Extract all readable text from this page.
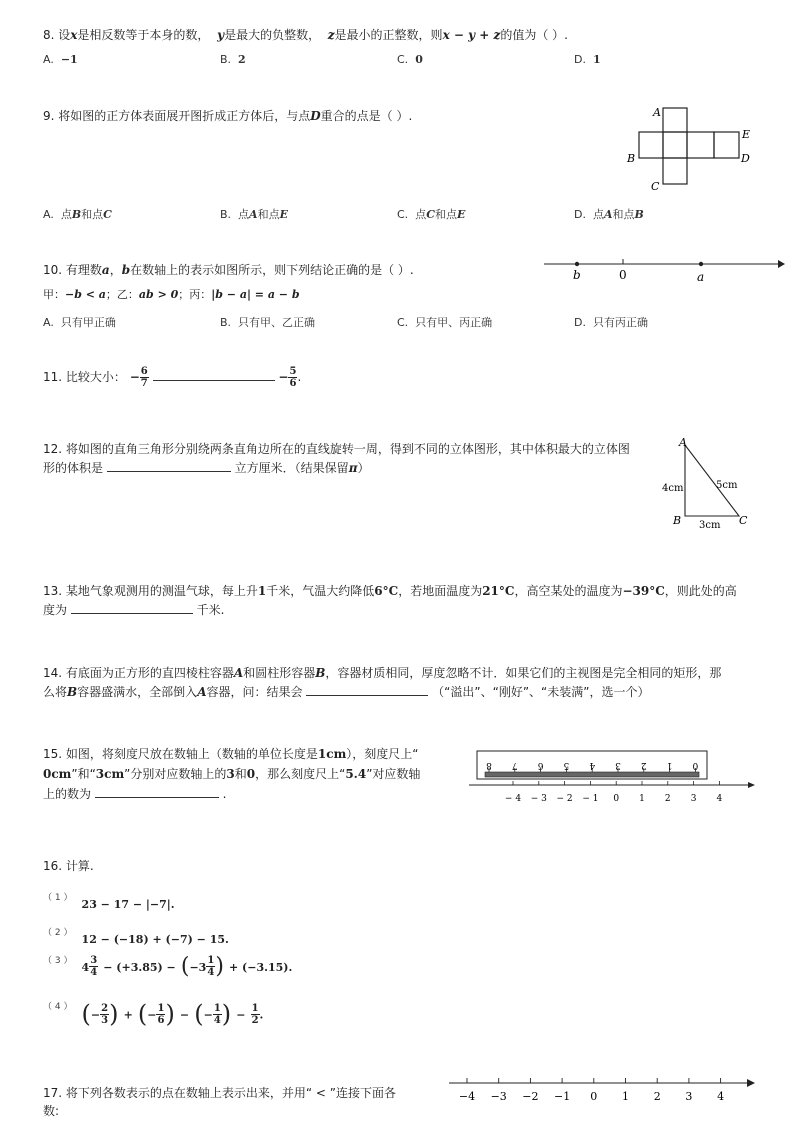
8. 设x是相反数等于本身的数， y是最大的负整数， z是最小的正整数，则x − y + z的值为（ ）.
A. −1	B. 2	C. 0	D. 1
9. 将如图的正方体表面展开图折成正方体后，与点D重合的点是（ ）.	A
E
B	D
C
A. 点B和点C	B. 点A和点E	C. 点C和点E	D. 点A和点B
10. 有理数a，b在数轴上的表示如图所示，则下列结论正确的是（ ）.
甲：−b < a；乙：ab > 0；丙：|b − a| = a − b
b	0	a
A. 只有甲正确	B. 只有甲、乙正确	C. 只有甲、丙正确	D. 只有丙正确
11. 比较大小： − $\frac{6}{7}$	− $\frac{5}{6}$ .
12. 将如图的直角三角形分别绕两条直角边所在的直线旋转一周，得到不同的立体图形，其中体积最大的立体图
形的体积是	立方厘米．（结果保留π）
A
B	C
4cm	5cm
3cm
13. 某地气象观测用的测温气球，每上升1千米，气温大约降低6°C，若地面温度为21°C，高空某处的温度为−39°C，则此处的高
度为	千米.
14. 有底面为正方形的直四棱柱容器A和圆柱形容器B，容器材质相同，厚度忽略不计．如果它们的主视图是完全相同的矩形，那
么将B容器盛满水，全部倒入A容器，问：结果会	（“溢出”、“刚好”、“未装满”，选一个）
15. 如图，将刻度尺放在数轴上（数轴的单位长度是1cm），刻度尺上“
0cm”和“3cm”分别对应数轴上的3和0，那么刻度尺上“5.4”对应数轴
上的数为	.
8 7 6 5 4 3 2 1 0
− 4 − 3 − 2 − 1 0 1 2 3 4
16. 计算.
（ 1 ） $_{23 - 17 - |-7|.}$
（ 2 ） $_{12 - (-18) + (-7) - 15.}$
$^{( 3 )}$ $4 \frac{3}{4} - (+3.85) - (-3 \frac{1}{4}$ ) + (−3.15).
$^{( 4 )}$ (− $\frac{2}{3}$ ) + (− $\frac{1}{6}$ ) − (− $\frac{1}{4}$ ) − $\frac{1}{2}$ .
17. 将下列各数表示的点在数轴上表示出来，并用“ < ”连接下面各
数:
−4 −3 −2 −1 0 1 2 3 4
